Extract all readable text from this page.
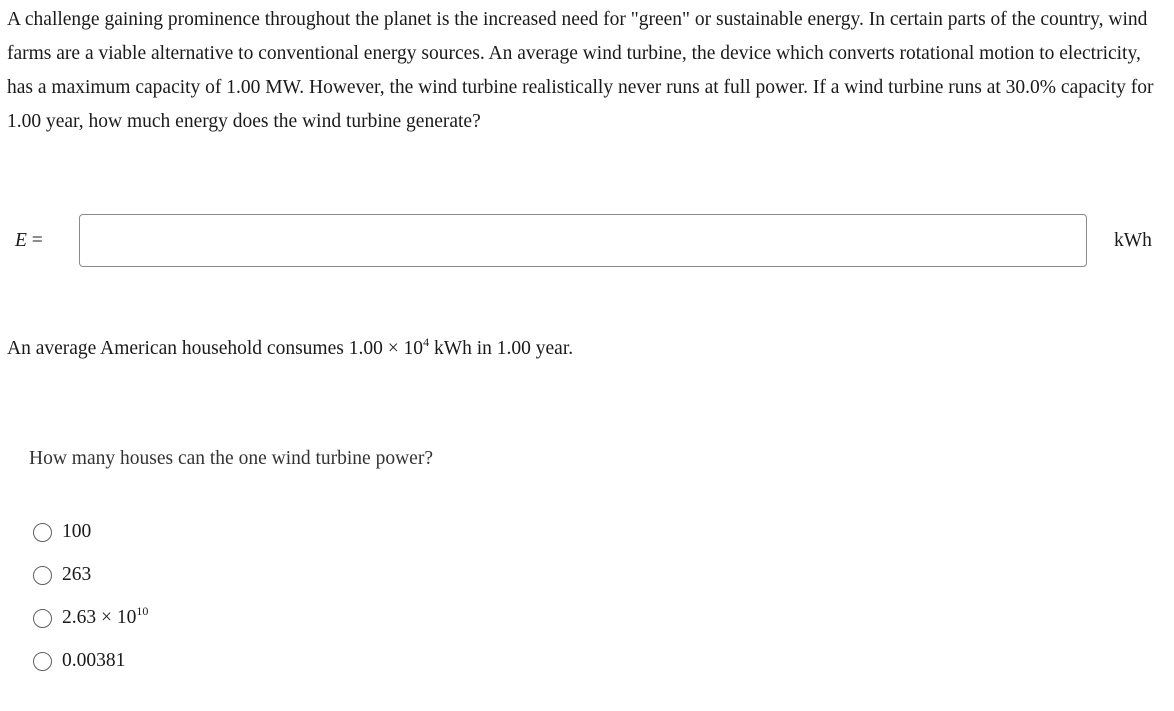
A challenge gaining prominence throughout the planet is the increased need for "green" or sustainable energy. In certain parts of the country, wind farms are a viable alternative to conventional energy sources. An average wind turbine, the device which converts rotational motion to electricity, has a maximum capacity of 1.00 MW. However, the wind turbine realistically never runs at full power. If a wind turbine runs at 30.0% capacity for 1.00 year, how much energy does the wind turbine generate?
E =	kWh
An average American household consumes $1.00 \times 10^4$ kWh in 1.00 year.
How many houses can the one wind turbine power?
100
263
$2.63 \times 10^{10}$
0.00381
